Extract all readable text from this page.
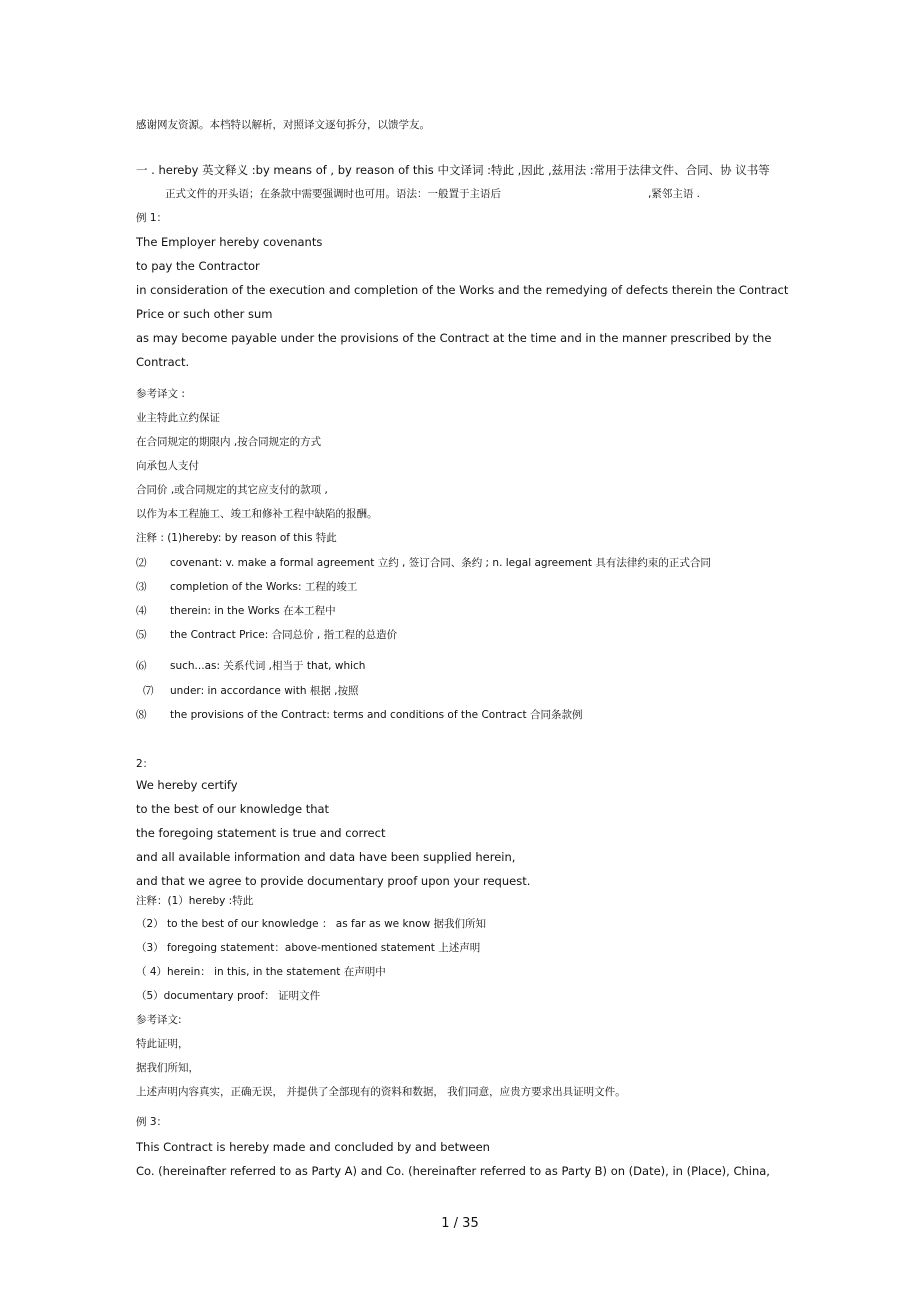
感谢网友资源。本档特以解析，对照译文逐句拆分，以馈学友。
一 . hereby 英文释义 :by means of , by reason of this 中文译词 :特此 ,因此 ,兹用法 :常用于法律文件、合同、协 议书等
正式文件的开头语；在条款中需要强调时也可用。语法：一般置于主语后	,紧邻主语 .
例 1：
The Employer hereby covenants
to pay the Contractor
in consideration of the execution and completion of the Works and the remedying of defects therein the Contract
Price or such other sum
as may become payable under the provisions of the Contract at the time and in the manner prescribed by the
Contract.
参考译文 :
业主特此立约保证
在合同规定的期限内 ,按合同规定的方式
向承包人支付
合同价 ,或合同规定的其它应支付的款项 ,
以作为本工程施工、竣工和修补工程中缺陷的报酬。
注释 : (1)hereby: by reason of this 特此
⑵ covenant: v. make a formal agreement 立约 , 签订合同、条约 ; n. legal agreement 具有法律约束的正式合同
⑶ completion of the Works: 工程的竣工
⑷ therein: in the Works 在本工程中
⑸ the Contract Price: 合同总价 , 指工程的总造价
⑹ such...as: 关系代词 ,相当于 that, which
⑺ under: in accordance with 根据 ,按照
⑻ the provisions of the Contract: terms and conditions of the Contract 合同条款例
2：
We hereby certify
to the best of our knowledge that
the foregoing statement is true and correct
and all available information and data have been supplied herein,
and that we agree to provide documentary proof upon your request.
注释：(1）hereby :特此
（2） to the best of our knowledge ： as far as we know 据我们所知
（3） foregoing statement：above-mentioned statement 上述声明
（ 4）herein： in this, in the statement 在声明中
（5）documentary proof： 证明文件
参考译文:
特此证明，
据我们所知，
上述声明内容真实，正确无误， 并提供了全部现有的资料和数据， 我们同意，应贵方要求出具证明文件。
例 3：
This Contract is hereby made and concluded by and between
Co. (hereinafter referred to as Party A) and Co. (hereinafter referred to as Party B) on (Date), in (Place), China,
1 / 35
